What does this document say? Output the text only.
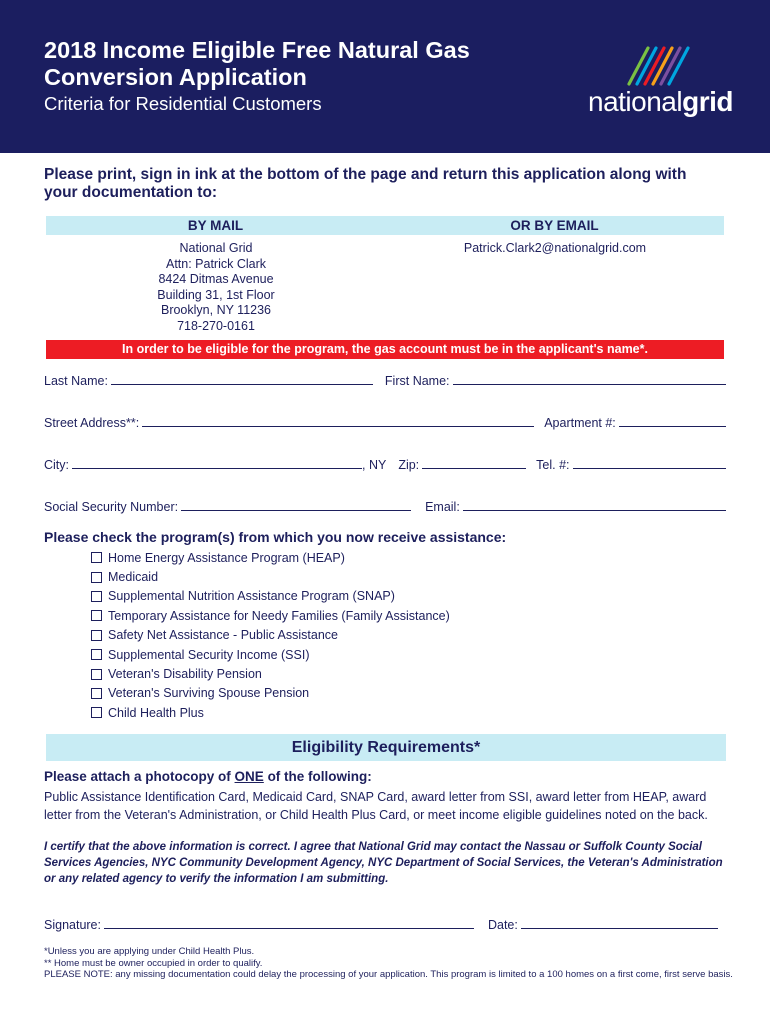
2018 Income Eligible Free Natural Gas Conversion Application
Criteria for Residential Customers	nationalgrid
Please print, sign in ink at the bottom of the page and return this application along with your documentation to:
BY MAIL	OR BY EMAIL
National Grid
Attn: Patrick Clark
8424 Ditmas Avenue
Building 31, 1st Floor
Brooklyn, NY 11236
718-270-0161
Patrick.Clark2@nationalgrid.com
In order to be eligible for the program, the gas account must be in the applicant's name*.
Last Name:	First Name:
Street Address**:	Apartment #:
City:	, NY Zip:	Tel. #:
Social Security Number:	Email:
Please check the program(s) from which you now receive assistance:
Home Energy Assistance Program (HEAP)
Medicaid
Supplemental Nutrition Assistance Program (SNAP)
Temporary Assistance for Needy Families (Family Assistance)
Safety Net Assistance - Public Assistance
Supplemental Security Income (SSI)
Veteran's Disability Pension
Veteran's Surviving Spouse Pension
Child Health Plus
Eligibility Requirements*
Please attach a photocopy of ONE of the following:
Public Assistance Identification Card, Medicaid Card, SNAP Card, award letter from SSI, award letter from HEAP, award letter from the Veteran's Administration, or Child Health Plus Card, or meet income eligible guidelines noted on the back.
I certify that the above information is correct. I agree that National Grid may contact the Nassau or Suffolk County Social Services Agencies, NYC Community Development Agency, NYC Department of Social Services, the Veteran's Administration or any related agency to verify the information I am submitting.
Signature:	Date:
*Unless you are applying under Child Health Plus.
** Home must be owner occupied in order to qualify.
PLEASE NOTE: any missing documentation could delay the processing of your application. This program is limited to a 100 homes on a first come, first serve basis.
